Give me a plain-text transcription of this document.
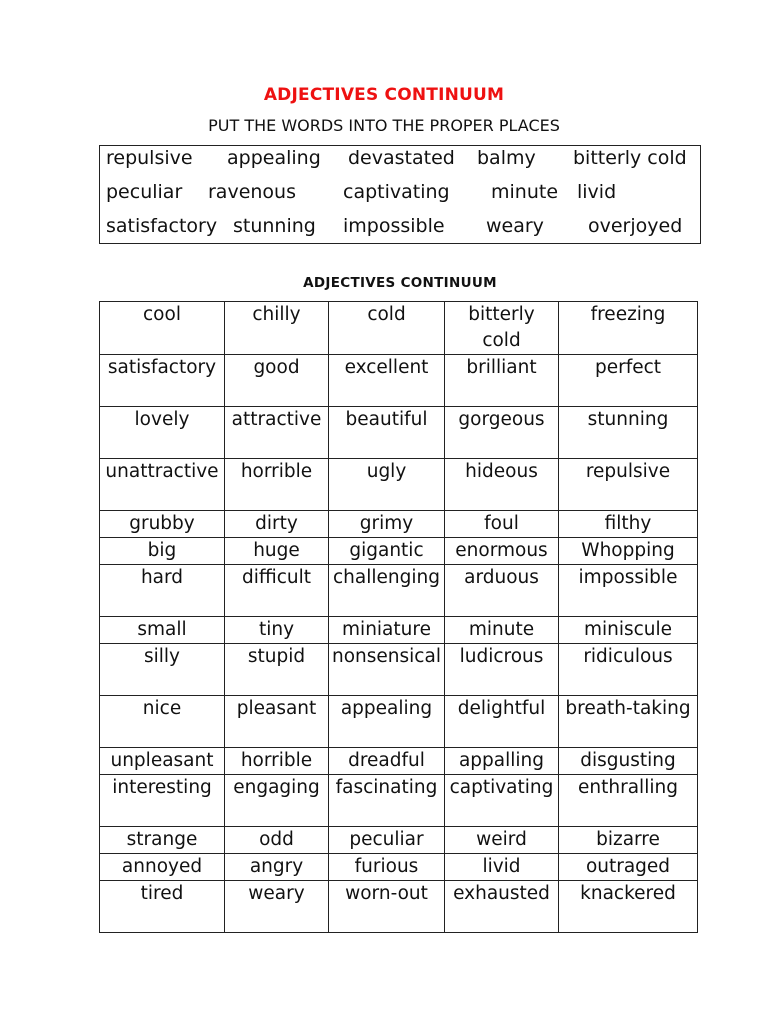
ADJECTIVES CONTINUUM
PUT THE WORDS INTO THE PROPER PLACES
repulsive appealing devastated balmy bitterly cold
peculiar ravenous captivating minute livid
satisfactory stunning impossible weary overjoyed
ADJECTIVES CONTINUUM
cool	chilly	cold	bitterly cold	freezing
satisfactory	good	excellent	brilliant	perfect
lovely	attractive	beautiful	gorgeous	stunning
unattractive	horrible	ugly	hideous	repulsive
grubby	dirty	grimy	foul	filthy
big	huge	gigantic	enormous	Whopping
hard	difficult	challenging	arduous	impossible
small	tiny	miniature	minute	miniscule
silly	stupid	nonsensical	ludicrous	ridiculous
nice	pleasant	appealing	delightful	breath-taking
unpleasant	horrible	dreadful	appalling	disgusting
interesting	engaging	fascinating	captivating	enthralling
strange	odd	peculiar	weird	bizarre
annoyed	angry	furious	livid	outraged
tired	weary	worn-out	exhausted	knackered
